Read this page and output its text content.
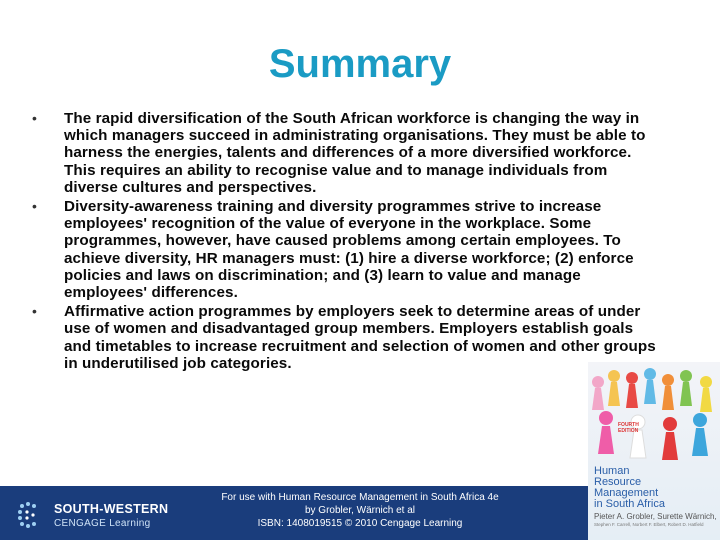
Summary
•	The rapid diversification of the South African workforce is changing the way in which managers succeed in administrating organisations. They must be able to harness the energies, talents and differences of a more diversified workforce. This requires an ability to recognise value and to manage individuals from diverse cultures and perspectives.
•	Diversity‑awareness training and diversity programmes strive to increase employees' recognition of the value of everyone in the workplace. Some programmes, however, have caused problems among certain employees. To achieve diversity, HR managers must: (1) hire a diverse workforce; (2) enforce policies and laws on discrimination; and (3) learn to value and manage employees' differences.
•	Affirmative action programmes by employers seek to determine areas of under use of women and disadvantaged group members. Employers establish goals and timetables to increase recruitment and selection of women and other groups in underutilised job categories.
FOURTH
EDITION
Human
Resource
Management
in South Africa
Pieter A. Grobler, Surette Wärnich,
Stephen F. Carrell, Norbert F. Elbert, Robert D. Hatfield
SOUTH-WESTERN
CENGAGE Learning
For use with Human Resource Management in South Africa 4e
by Grobler, Wärnich et al
ISBN: 1408019515 © 2010 Cengage Learning
